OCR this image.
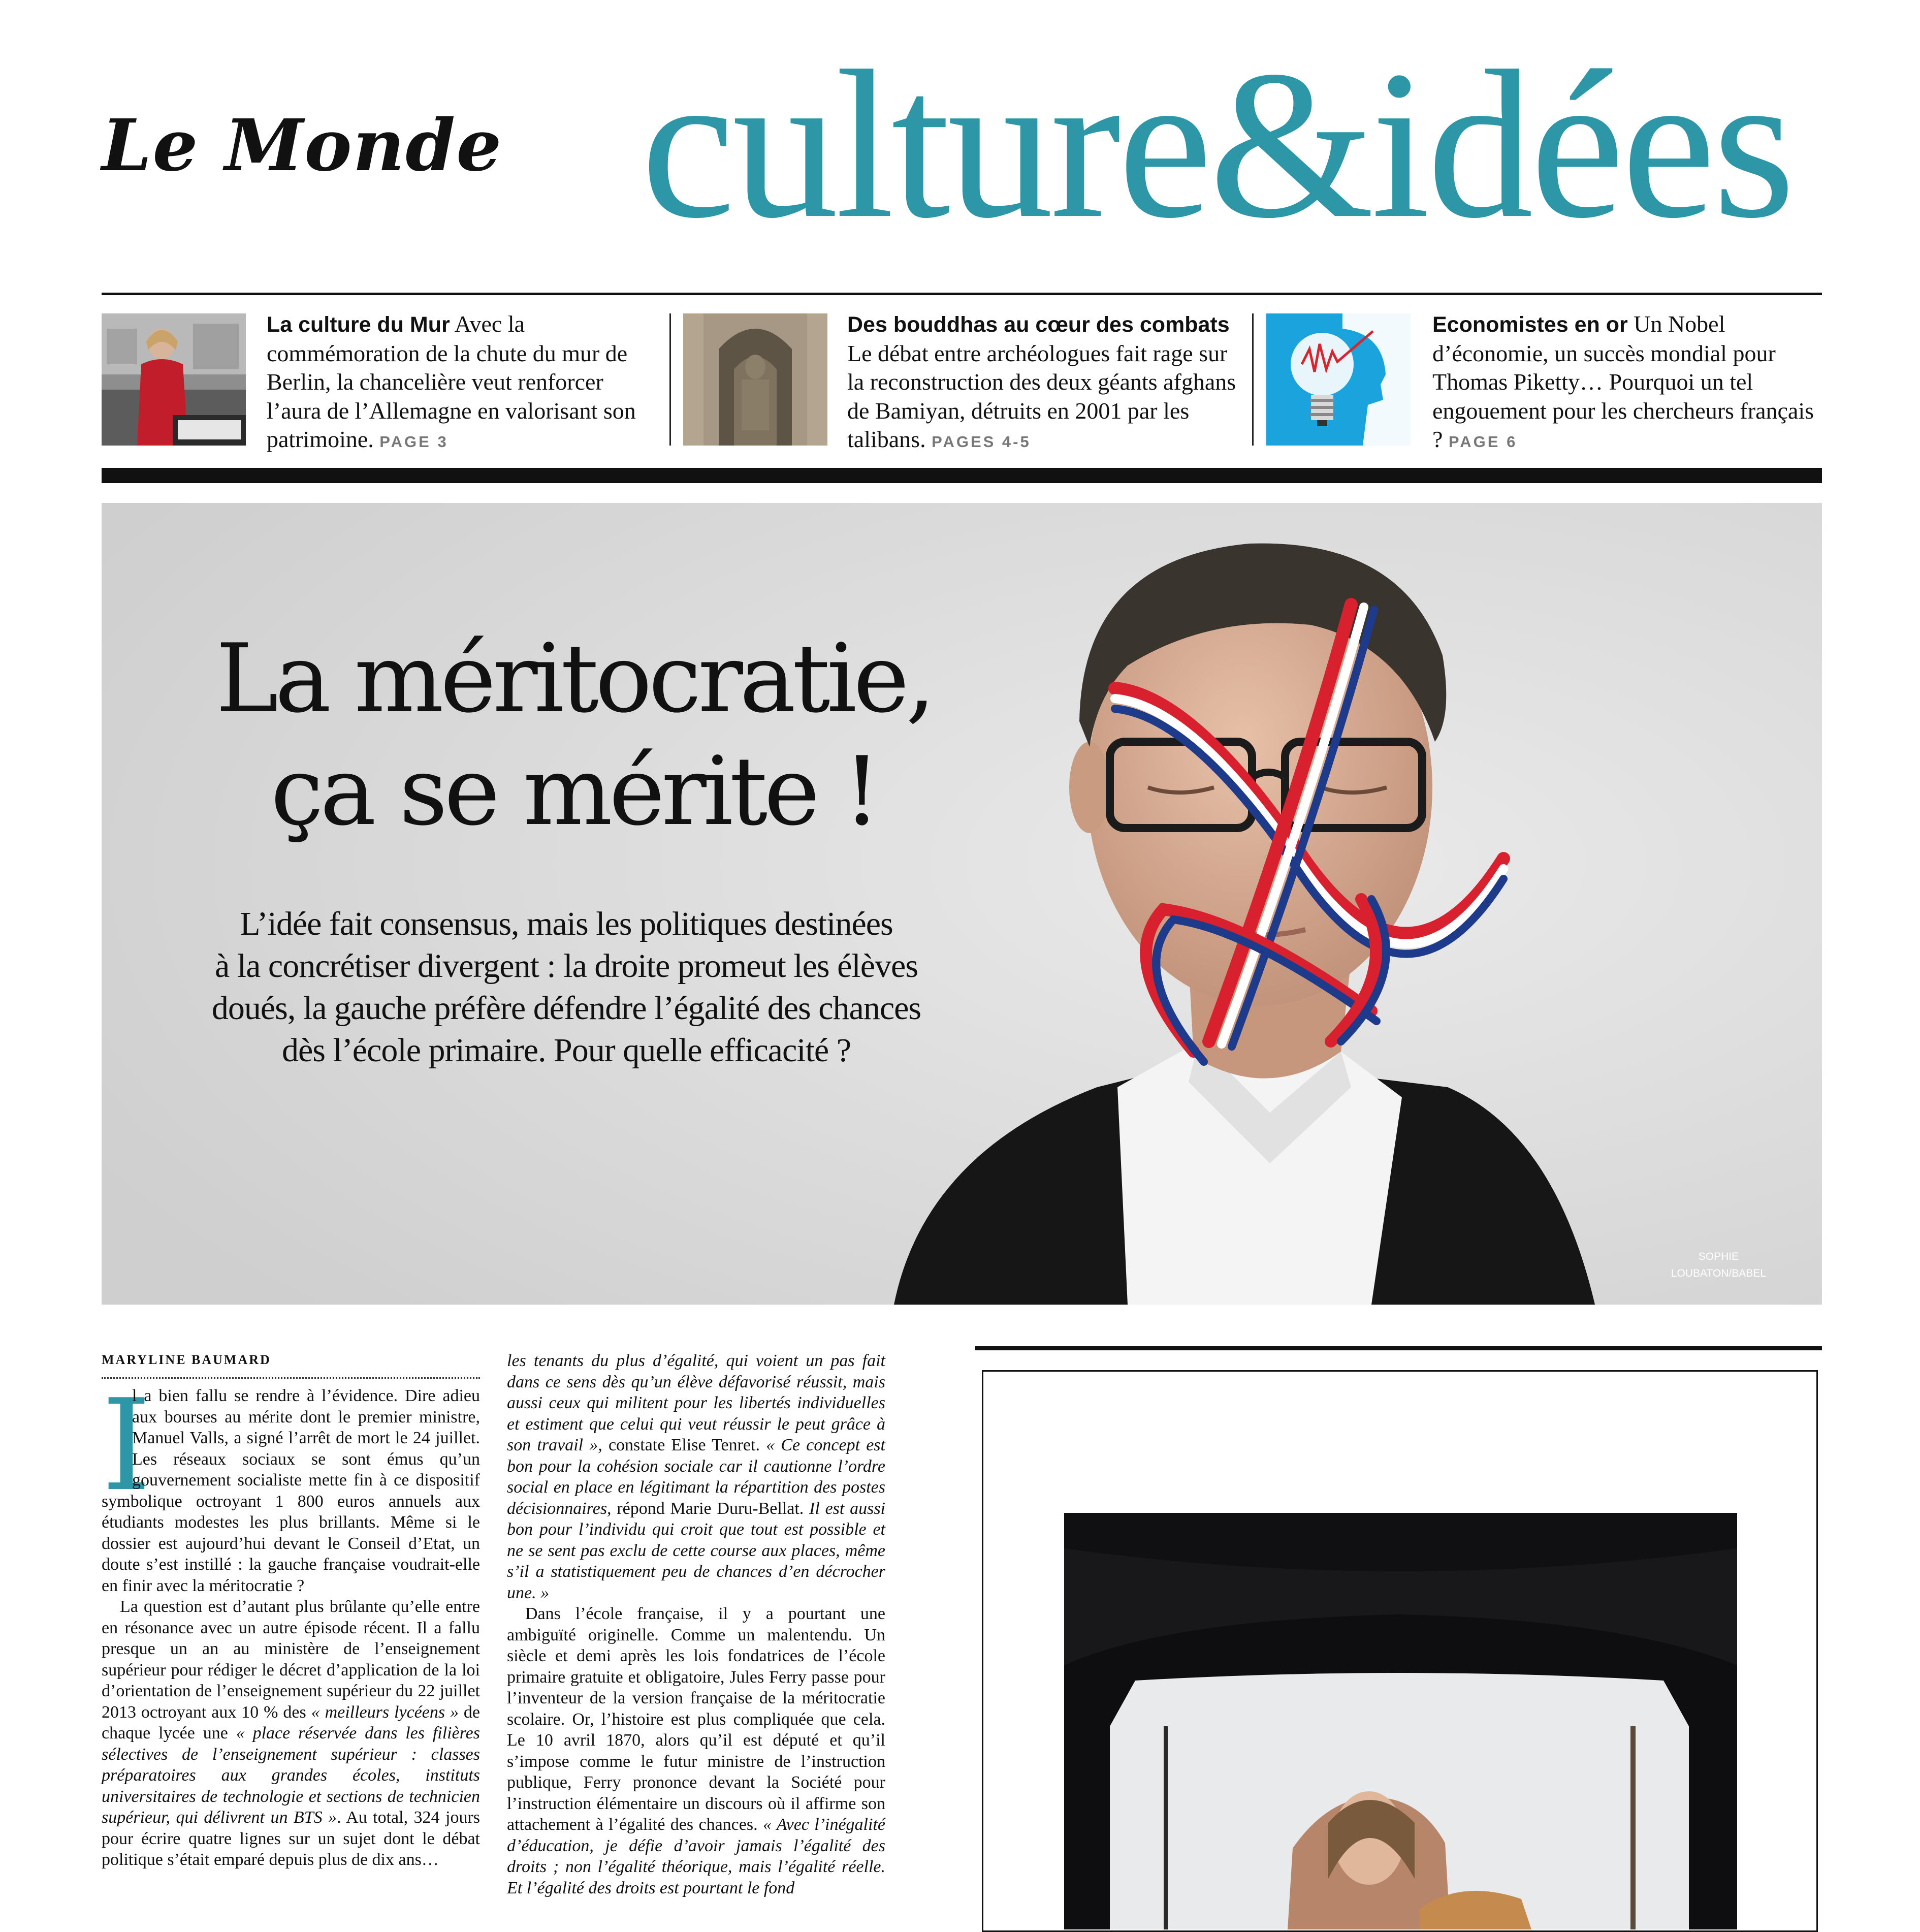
Le Monde culture&idées
La culture du Mur Avec la commémoration de la chute du mur de Berlin, la chancelière veut renforcer l’aura de l’Allemagne en valorisant son patrimoine. PAGE 3
Des bouddhas au cœur des combats Le débat entre archéologues fait rage sur la reconstruction des deux géants afghans de Bamiyan, détruits en 2001 par les talibans. PAGES 4-5
Economistes en or Un Nobel d’économie, un succès mondial pour Thomas Piketty… Pourquoi un tel engouement pour les chercheurs français ? PAGE 6
La méritocratie,
ça se mérite !
L’idée fait consensus, mais les politiques destinées
à la concrétiser divergent : la droite promeut les élèves
doués, la gauche préfère défendre l’égalité des chances
dès l’école primaire. Pour quelle efficacité ?
SOPHIE
LOUBATON/BABEL
MARYLINE BAUMARD
I

l a bien fallu se rendre à l’évidence. Dire adieu aux bourses au mérite dont le premier ministre, Manuel Valls, a signé l’arrêt de mort le 24 juillet. Les réseaux sociaux se sont émus qu’un gouvernement socialiste mette fin à ce dispositif symbolique octroyant 1 800 euros annuels aux étudiants modestes les plus brillants. Même si le dossier est aujourd’hui devant le Conseil d’Etat, un doute s’est instillé : la gauche française voudrait-elle en finir avec la méritocratie ?

La question est d’autant plus brûlante qu’elle entre en résonance avec un autre épisode récent. Il a fallu presque un an au ministère de l’enseignement supérieur pour rédiger le décret d’application de la loi d’orientation de l’enseignement supérieur du 22 juillet 2013 octroyant aux 10 % des « meilleurs lycéens » de chaque lycée une « place réservée dans les filières sélectives de l’enseignement supérieur : classes préparatoires aux grandes écoles, instituts universitaires de technologie et sections de technicien supérieur, qui délivrent un BTS ». Au total, 324 jours pour écrire quatre lignes sur un sujet dont le débat politique s’était emparé depuis plus de dix ans…

les tenants du plus d’égalité, qui voient un pas fait dans ce sens dès qu’un élève défavorisé réussit, mais aussi ceux qui militent pour les libertés individuelles et estiment que celui qui veut réussir le peut grâce à son travail », constate Elise Tenret. « Ce concept est bon pour la cohésion sociale car il cautionne l’ordre social en place en légitimant la répartition des postes décisionnaires, répond Marie Duru-Bellat. Il est aussi bon pour l’individu qui croit que tout est possible et ne se sent pas exclu de cette course aux places, même s’il a statistiquement peu de chances d’en décrocher une. »

Dans l’école française, il y a pourtant une ambiguïté originelle. Comme un malentendu. Un siècle et demi après les lois fondatrices de l’école primaire gratuite et obligatoire, Jules Ferry passe pour l’inventeur de la version française de la méritocratie scolaire. Or, l’histoire est plus compliquée que cela. Le 10 avril 1870, alors qu’il est député et qu’il s’impose comme le futur ministre de l’instruction publique, Ferry prononce devant la Société pour l’instruction élémentaire un discours où il affirme son attachement à l’égalité des chances. « Avec l’inégalité d’éducation, je défie d’avoir jamais l’égalité des droits ; non l’égalité théorique, mais l’égalité réelle. Et l’égalité des droits est pourtant le fond
